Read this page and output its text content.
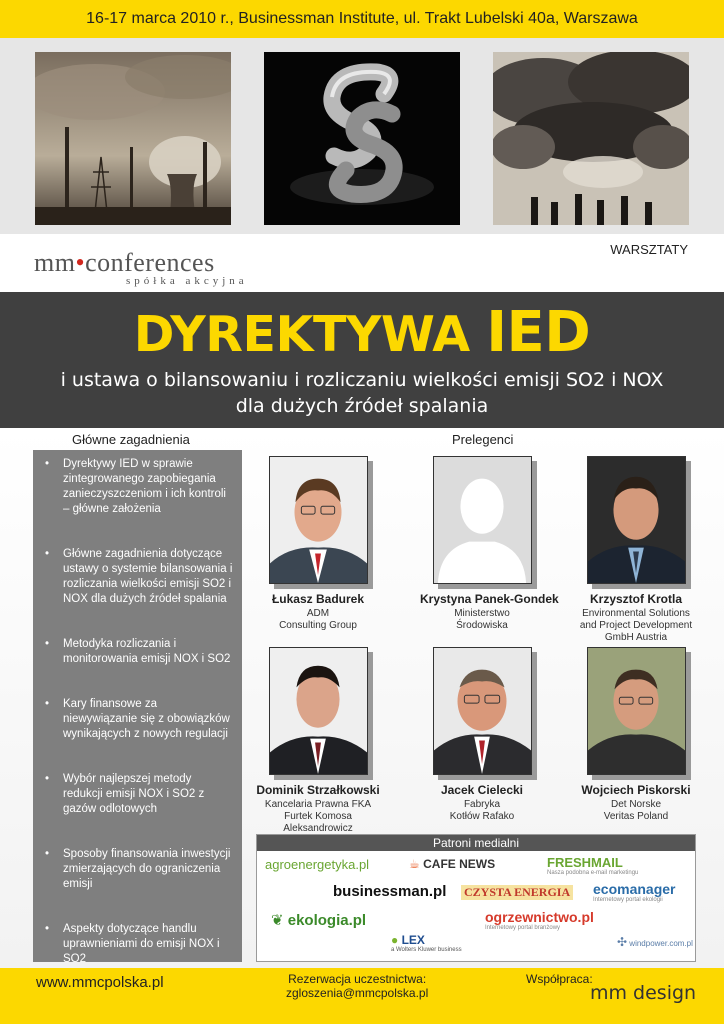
16-17 marca 2010 r., Businessman Institute, ul. Trakt Lubelski 40a, Warszawa
mm•conferences
spółka akcyjna
WARSZTATY
DYREKTYWA IED
i ustawa o bilansowaniu i rozliczaniu wielkości emisji SO2 i NOX
dla dużych źródeł spalania
Główne zagadnienia	Prelegenci
• Dyrektywy IED w sprawie zintegrowanego zapobiegania zanieczyszczeniom i ich kontroli – główne założenia
• Główne zagadnienia dotyczące ustawy o systemie bilansowania i rozliczania wielkości emisji SO2 i NOX dla dużych źródeł spalania
• Metodyka rozliczania i monitorowania emisji NOX i SO2
• Kary finansowe za niewywiązanie się z obowiązków wynikających z nowych regulacji
• Wybór najlepszej metody redukcji emisji NOX i SO2 z gazów odlotowych
• Sposoby finansowania inwestycji zmierzających do ograniczenia emisji
• Aspekty dotyczące handlu uprawnieniami do emisji NOX i SO2
Łukasz Badurek
ADM
Consulting Group
Krystyna Panek-Gondek
Ministerstwo
Środowiska
Krzysztof Krotla
Environmental Solutions
and Project Development
GmbH Austria
Dominik Strzałkowski
Kancelaria Prawna FKA
Furtek Komosa
Aleksandrowicz
Jacek Cielecki
Fabryka
Kotłów Rafako
Wojciech Piskorski
Det Norske
Veritas Poland
Patroni medialni
agroenergetyka.pl	☕ CAFE NEWS	FRESHMAIL
Nasza podobna e-mail marketingu
businessman.pl CZYSTA ENERGIA ecomanager
Internetowy portal ekologii
❦ ekologia.pl	ogrzewnictwo.pl
Internetowy portal branżowy
● LEX
a Wolters Kluwer business
✣ windpower.com.pl
www.mmcpolska.pl	Rezerwacja uczestnictwa:
zgloszenia@mmcpolska.pl
Współpraca:
mm design
